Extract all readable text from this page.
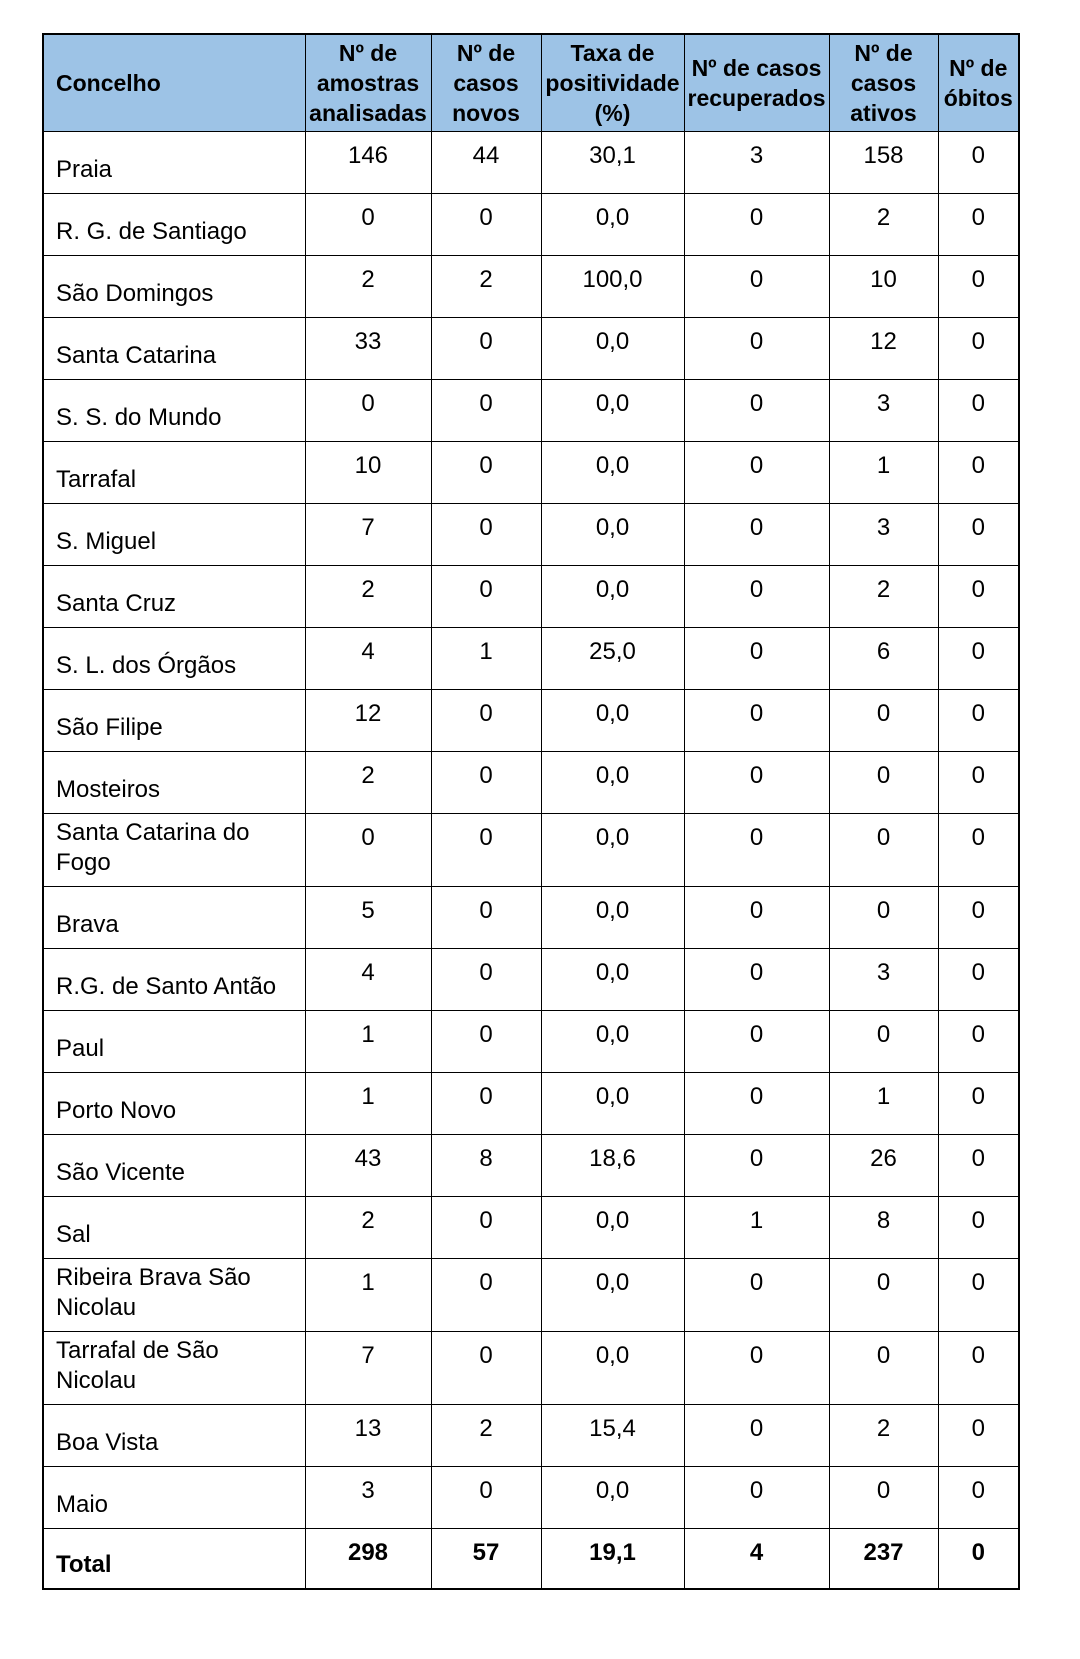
Concelho	Nº de amostras analisadas	Nº de casos novos	Taxa de positividade (%)	Nº de casos recuperados	Nº de casos ativos	Nº de óbitos
Praia	146	44	30,1	3	158	0
R. G. de Santiago	0	0	0,0	0	2	0
São Domingos	2	2	100,0	0	10	0
Santa Catarina	33	0	0,0	0	12	0
S. S. do Mundo	0	0	0,0	0	3	0
Tarrafal	10	0	0,0	0	1	0
S. Miguel	7	0	0,0	0	3	0
Santa Cruz	2	0	0,0	0	2	0
S. L. dos Órgãos	4	1	25,0	0	6	0
São Filipe	12	0	0,0	0	0	0
Mosteiros	2	0	0,0	0	0	0
Santa Catarina do Fogo	0	0	0,0	0	0	0
Brava	5	0	0,0	0	0	0
R.G. de Santo Antão	4	0	0,0	0	3	0
Paul	1	0	0,0	0	0	0
Porto Novo	1	0	0,0	0	1	0
São Vicente	43	8	18,6	0	26	0
Sal	2	0	0,0	1	8	0
Ribeira Brava São Nicolau	1	0	0,0	0	0	0
Tarrafal de São Nicolau	7	0	0,0	0	0	0
Boa Vista	13	2	15,4	0	2	0
Maio	3	0	0,0	0	0	0
Total	298	57	19,1	4	237	0
